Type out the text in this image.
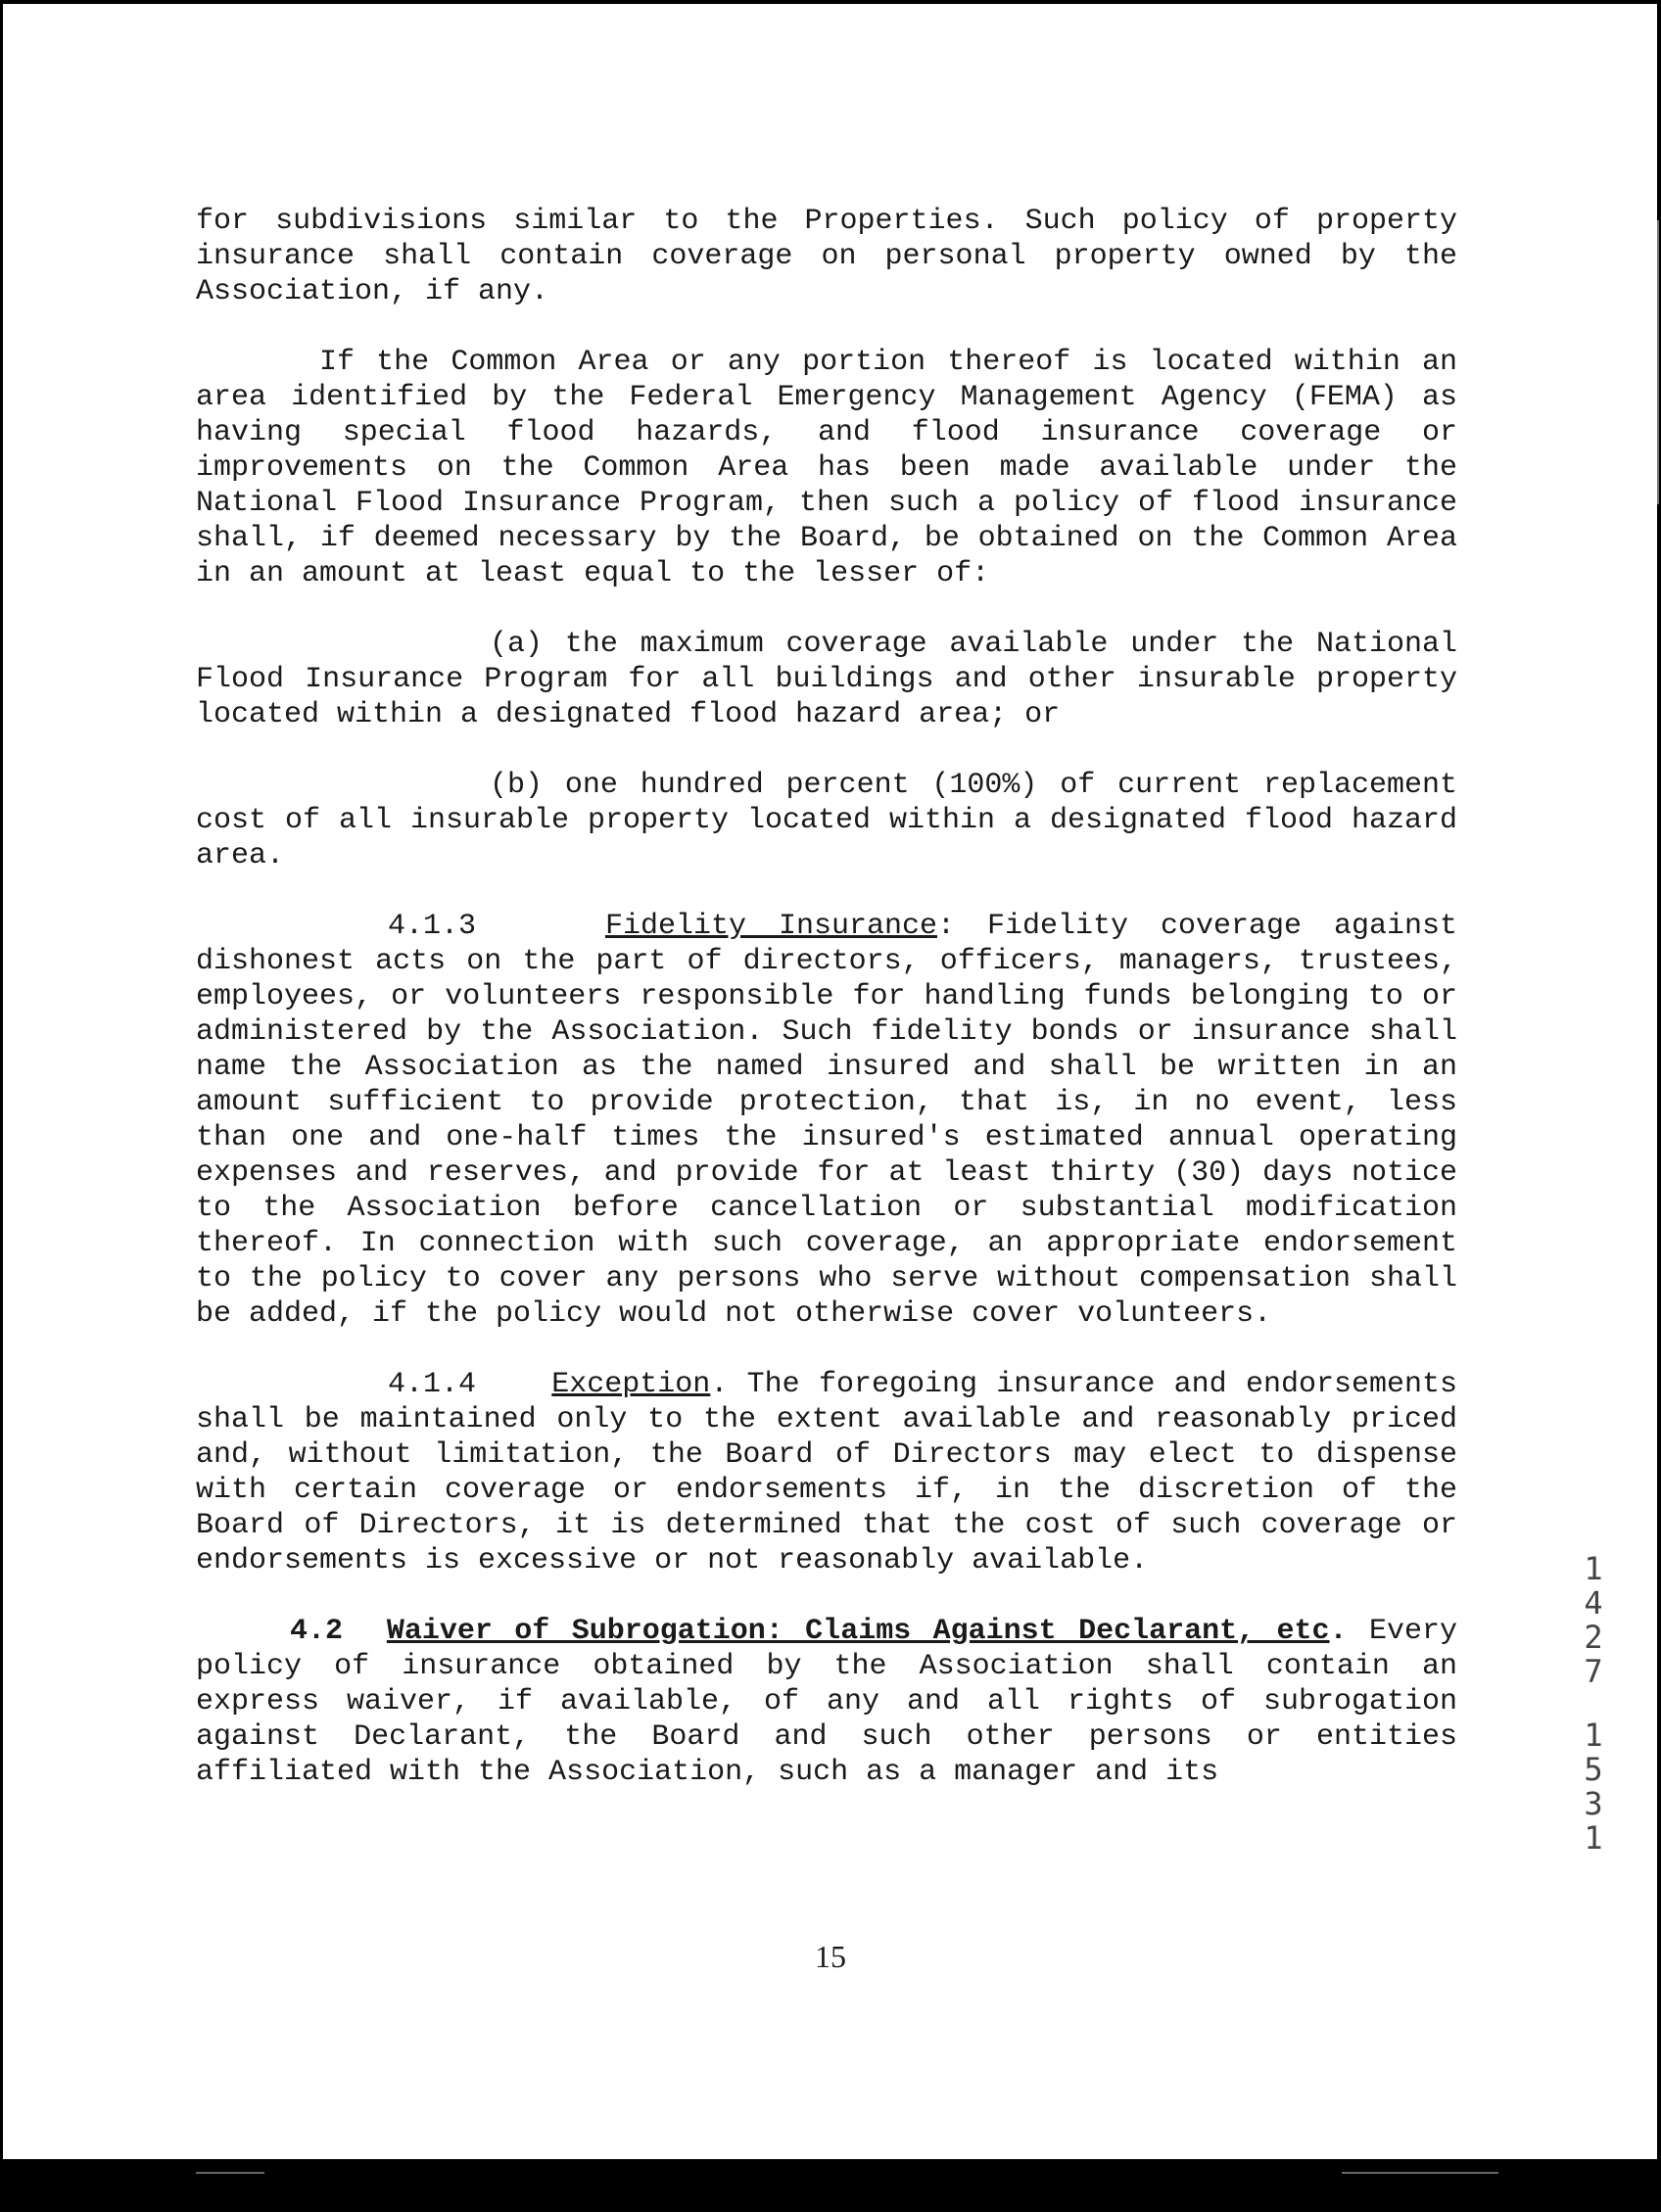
for subdivisions similar to the Properties. Such policy of property insurance shall contain coverage on personal property owned by the Association, if any.

If the Common Area or any portion thereof is located within an area identified by the Federal Emergency Management Agency (FEMA) as having special flood hazards, and flood insurance coverage or improvements on the Common Area has been made available under the National Flood Insurance Program, then such a policy of flood insurance shall, if deemed necessary by the Board, be obtained on the Common Area in an amount at least equal to the lesser of:

(a) the maximum coverage available under the National Flood Insurance Program for all buildings and other insurable property located within a designated flood hazard area; or

(b) one hundred percent (100%) of current replacement cost of all insurable property located within a designated flood hazard area.

4.1.3	Fidelity Insurance: Fidelity coverage against dishonest acts on the part of directors, officers, managers, trustees, employees, or volunteers responsible for handling funds belonging to or administered by the Association. Such fidelity bonds or insurance shall name the Association as the named insured and shall be written in an amount sufficient to provide protection, that is, in no event, less than one and one-half times the insured's estimated annual operating expenses and reserves, and provide for at least thirty (30) days notice to the Association before cancellation or substantial modification thereof. In connection with such coverage, an appropriate endorsement to the policy to cover any persons who serve without compensation shall be added, if the policy would not otherwise cover volunteers.

4.1.4	Exception. The foregoing insurance and endorsements shall be maintained only to the extent available and reasonably priced and, without limitation, the Board of Directors may elect to dispense with certain coverage or endorsements if, in the discretion of the Board of Directors, it is determined that the cost of such coverage or endorsements is excessive or not reasonably available.

4.2 Waiver of Subrogation: Claims Against Declarant, etc. Every policy of insurance obtained by the Association shall contain an express waiver, if available, of any and all rights of subrogation against Declarant, the Board and such other persons or entities affiliated with the Association, such as a manager and its

15
1
4
2
7
1
5
3
1
